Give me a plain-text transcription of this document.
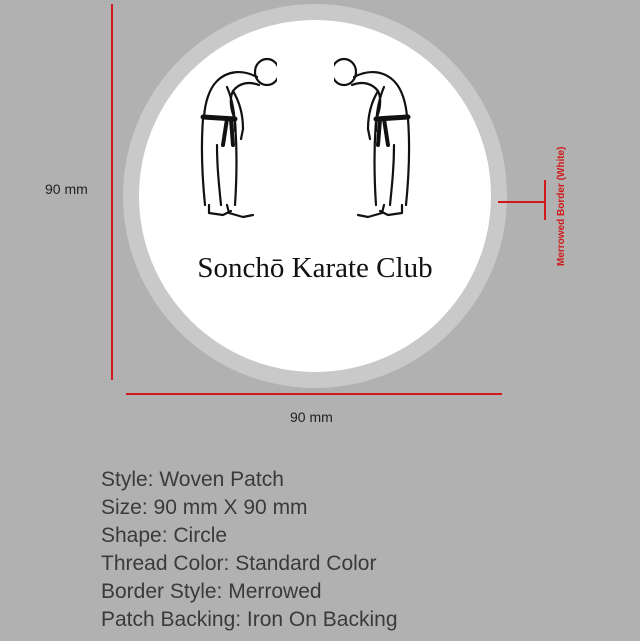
Sonchō Karate Club
90 mm
90 mm
Merrowed Border (White)
Style: Woven Patch
Size: 90 mm X 90 mm
Shape: Circle
Thread Color: Standard Color
Border Style: Merrowed
Patch Backing: Iron On Backing
